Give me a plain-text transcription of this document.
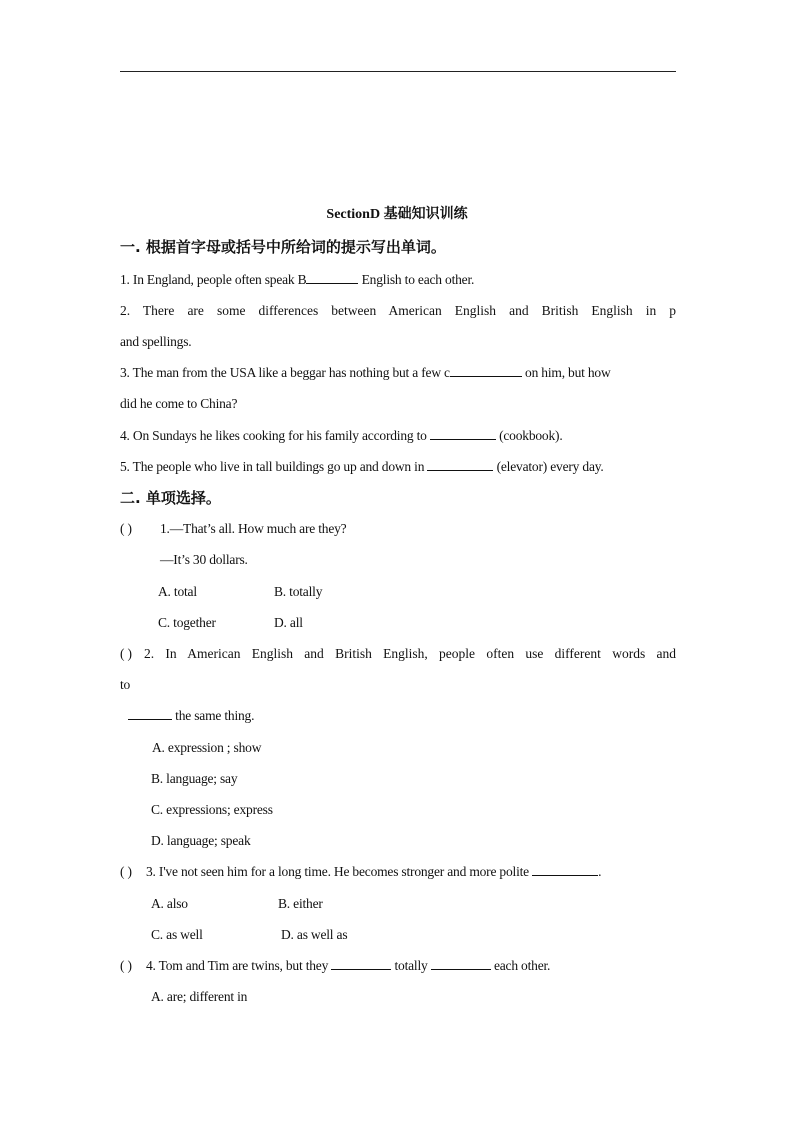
SectionD 基础知识训练
一. 根据首字母或括号中所给词的提示写出单词。
1. In England, people often speak B	English to each other.
2. There are some differences between American English and British English in p
and spellings.
3. The man from the USA like a beggar has nothing but a few c	on him, but how
did he come to China?
4. On Sundays he likes cooking for his family according to	(cookbook).
5. The people who live in tall buildings go up and down in	(elevator) every day.
二. 单项选择。
( ) 1.—That’s all. How much are they?
—It’s 30 dollars.
A. total	B. totally
C. together	D. all
( ) 2. In American English and British English, people often use different words and
to
the same thing.
A. expression ; show
B. language; say
C. expressions; express
D. language; speak
( ) 3. I've not seen him for a long time. He becomes stronger and more polite	.
A. also	B. either
C. as well	D. as well as
( ) 4. Tom and Tim are twins, but they	totally	each other.
A. are; different in
